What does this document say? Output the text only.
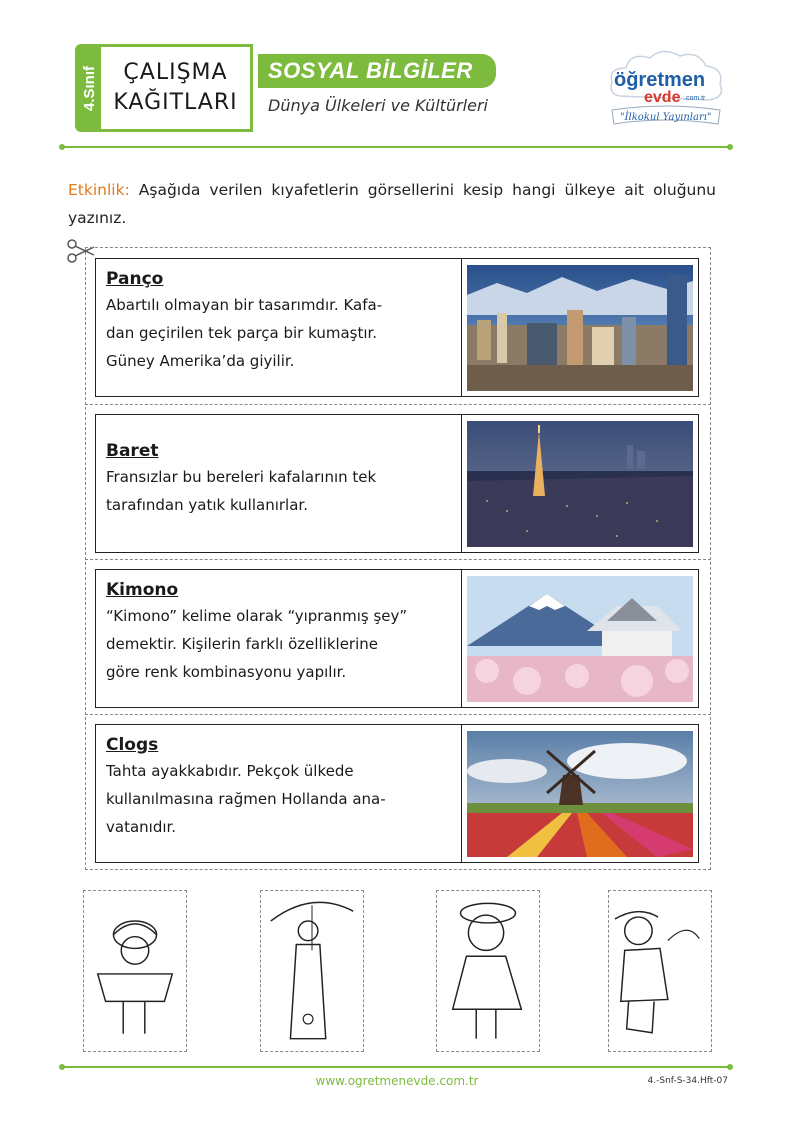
4.Sınıf ÇALIŞMA
KAĞITLARI
SOSYAL BİLGİLER
Dünya Ülkeleri ve Kültürleri
öğretmen
evde .com.tr
"İlkokul Yayınları"
Etkinlik: Aşağıda verilen kıyafetlerin görsellerini kesip hangi ülkeye ait oluğunu yazınız.
Panço

Abartılı olmayan bir tasarımdır. Kafa-

dan geçirilen tek parça bir kumaştır.

Güney Amerika’da giyilir.

Baret

Fransızlar bu bereleri kafalarının tek

tarafından yatık kullanırlar.

Kimono

“Kimono” kelime olarak “yıpranmış şey”

demektir. Kişilerin farklı özelliklerine

göre renk kombinasyonu yapılır.

Clogs

Tahta ayakkabıdır. Pekçok ülkede

kullanılmasına rağmen Hollanda ana-

vatanıdır.

www.ogretmenevde.com.tr	4.-Snf-S-34.Hft-07
